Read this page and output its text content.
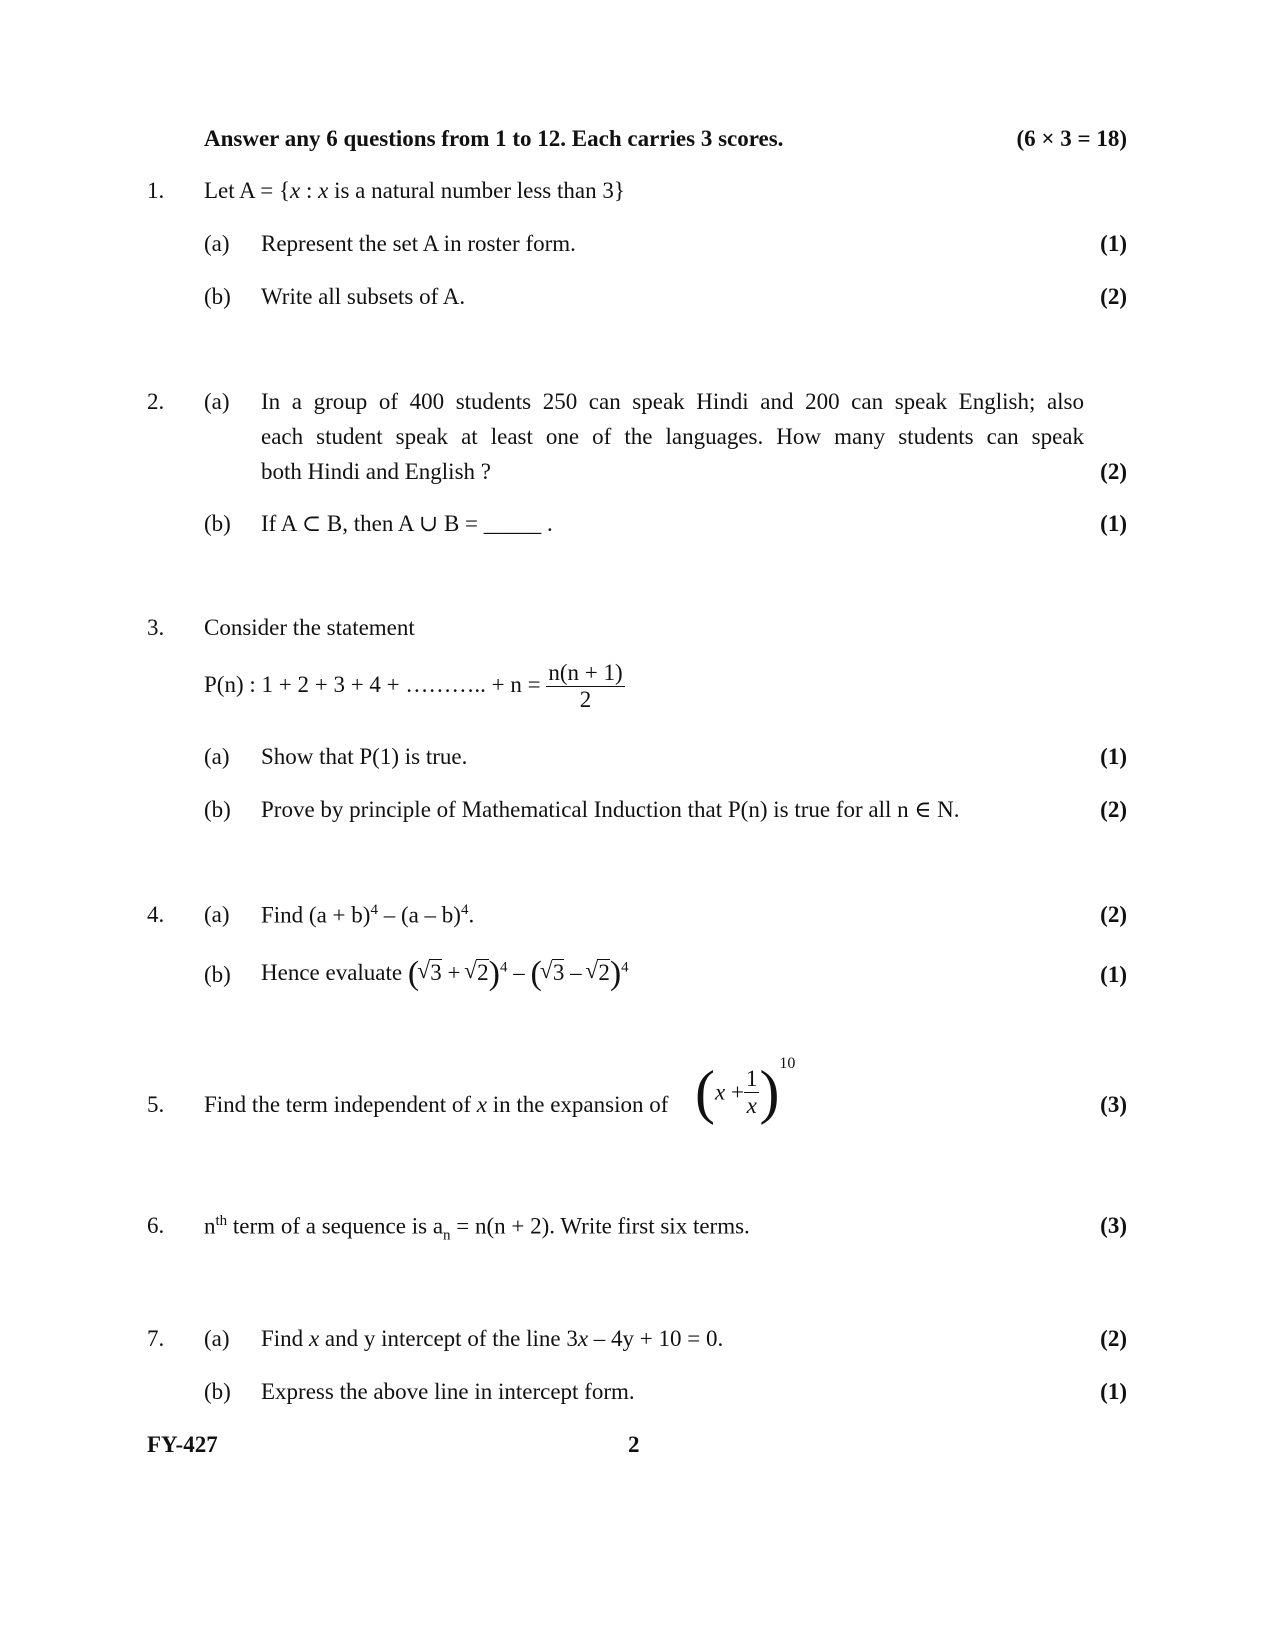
Answer any 6 questions from 1 to 12. Each carries 3 scores.	(6 × 3 = 18)
1. Let A = {x : x is a natural number less than 3}
(a) Represent the set A in roster form.	(1)
(b) Write all subsets of A.	(2)
2. (a) In a group of 400 students 250 can speak Hindi and 200 can speak English; also
each student speak at least one of the languages. How many students can speak
both Hindi and English ?	(2)
(b) If A ⊂ B, then A ∪ B = _____ .	(1)
3. Consider the statement
P(n) : 1 + 2 + 3 + 4 + ……….. + $n = \frac{n(n + 1)}{2}$
(a) Show that P(1) is true.	(1)
(b) Prove by principle of Mathematical Induction that P(n) is true for all n ∈ N.	(2)
4. (a) Find $(a + b)^4 - (a - b)^4$.	(2)
(b) Hence evaluate ( √ 3 + √ 2)$^4$ – ( √ 3 – √ 2)$^4$	(1)
5. Find the term independent of x in the expansion of $(x + \frac{1}{x} )^{10}$
(3)
6. $n^{th}$ term of a sequence is $a_n = n(n + 2)$. Write first six terms.	(3)
7. (a) Find x and y intercept of the line 3x – 4y + 10 = 0.	(2)
(b) Express the above line in intercept form.	(1)
FY-427	2
